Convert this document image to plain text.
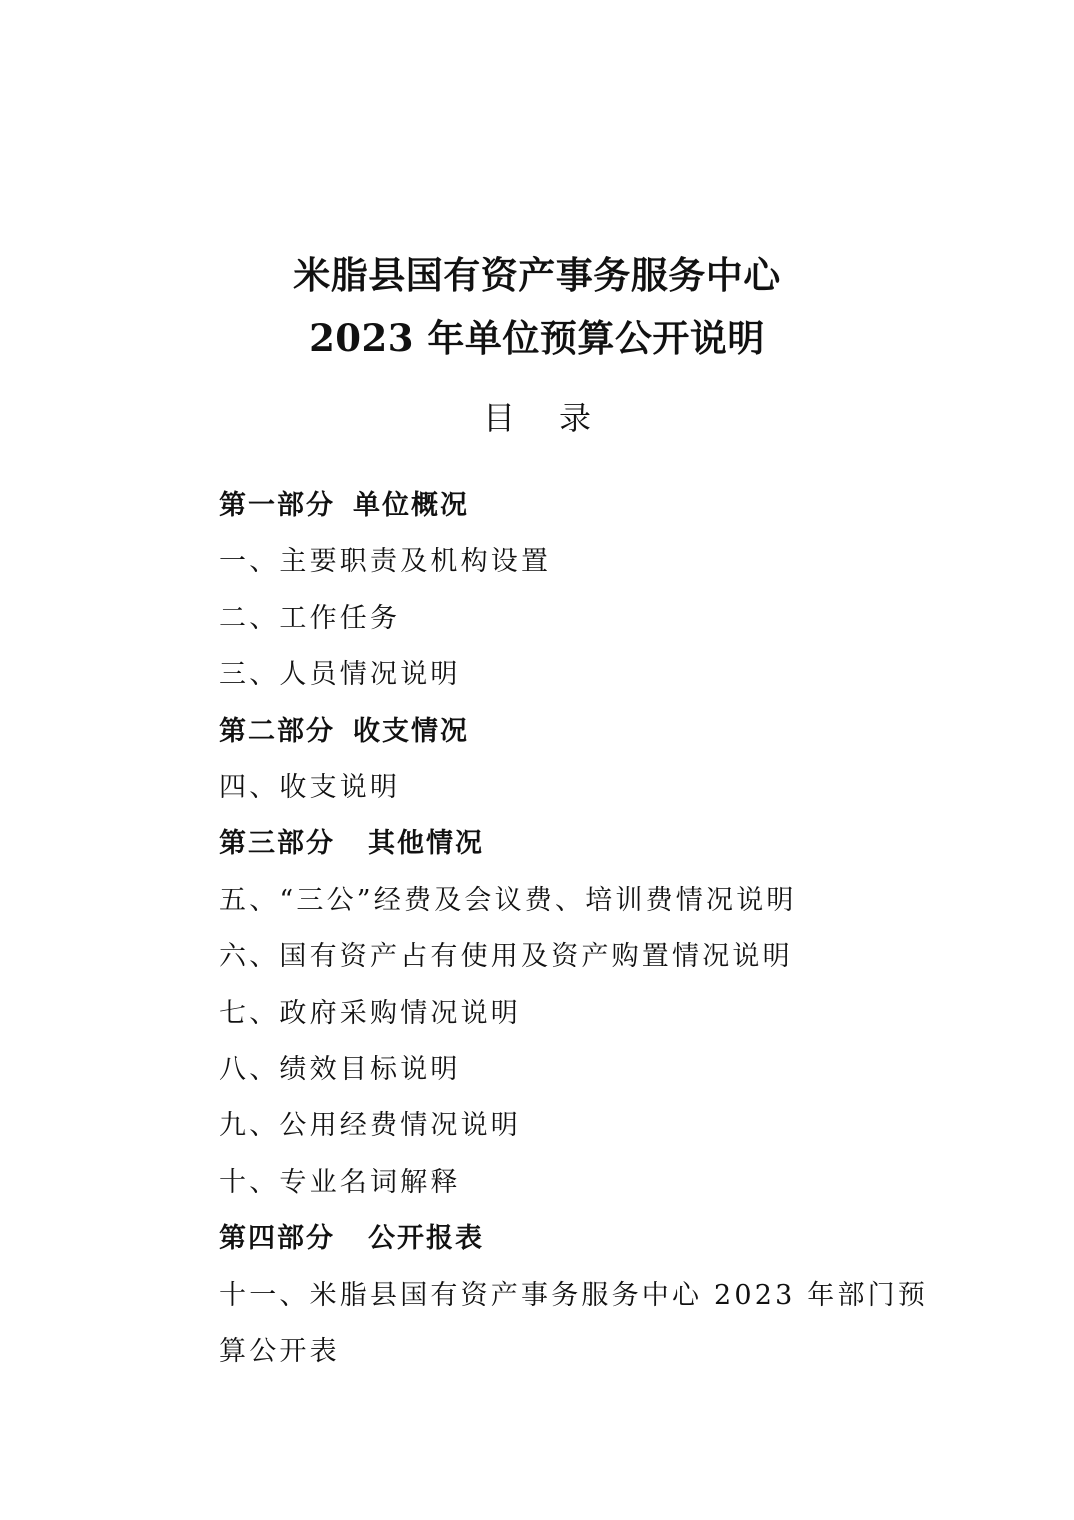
米脂县国有资产事务服务中心
2023 年单位预算公开说明
目录
第一部分 单位概况
一、主要职责及机构设置
二、工作任务
三、人员情况说明
第二部分 收支情况
四、收支说明
第三部分 其他情况
五、“三公”经费及会议费、培训费情况说明
六、国有资产占有使用及资产购置情况说明
七、政府采购情况说明
八、绩效目标说明
九、公用经费情况说明
十、专业名词解释
第四部分 公开报表
十一、米脂县国有资产事务服务中心 2023 年部门预算公开表
